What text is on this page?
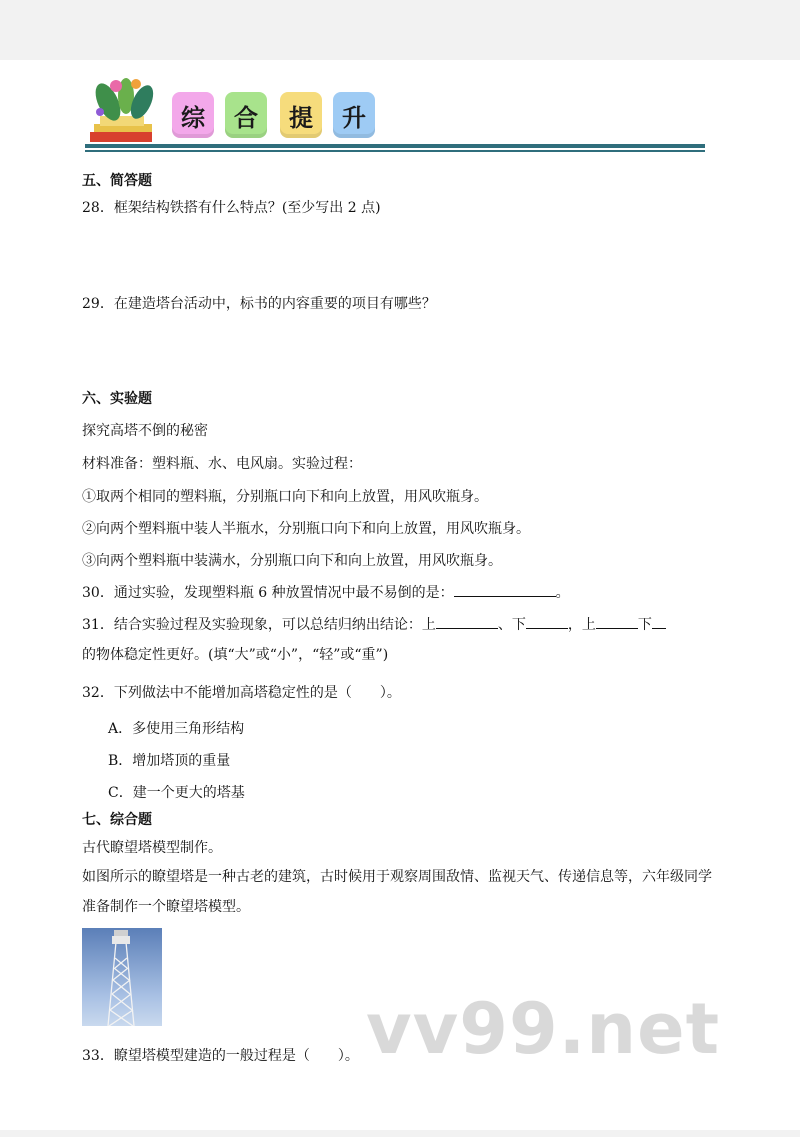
综	合	提	升
五、简答题
28．框架结构铁搭有什么特点？(至少写出 2 点)
29．在建造塔台活动中，标书的内容重要的项目有哪些？
六、实验题
探究高塔不倒的秘密
材料准备：塑料瓶、水、电风扇。实验过程：
①取两个相同的塑料瓶，分别瓶口向下和向上放置，用风吹瓶身。
②向两个塑料瓶中装人半瓶水，分别瓶口向下和向上放置，用风吹瓶身。
③向两个塑料瓶中装满水，分别瓶口向下和向上放置，用风吹瓶身。
30．通过实验，发现塑料瓶 6 种放置情况中最不易倒的是：	。
31．结合实验过程及实验现象，可以总结归纳出结论：上	、下	，上	下
的物体稳定性更好。(填“大”或“小”，“轻”或“重”)
32．下列做法中不能增加高塔稳定性的是（　　）。
A．多使用三角形结构
B．增加塔顶的重量
C．建一个更大的塔基
七、综合题
古代瞭望塔模型制作。
如图所示的瞭望塔是一种古老的建筑，古时候用于观察周围敌情、监视天气、传递信息等，六年级同学准备制作一个瞭望塔模型。
vv99.net
33．瞭望塔模型建造的一般过程是（　　）。
